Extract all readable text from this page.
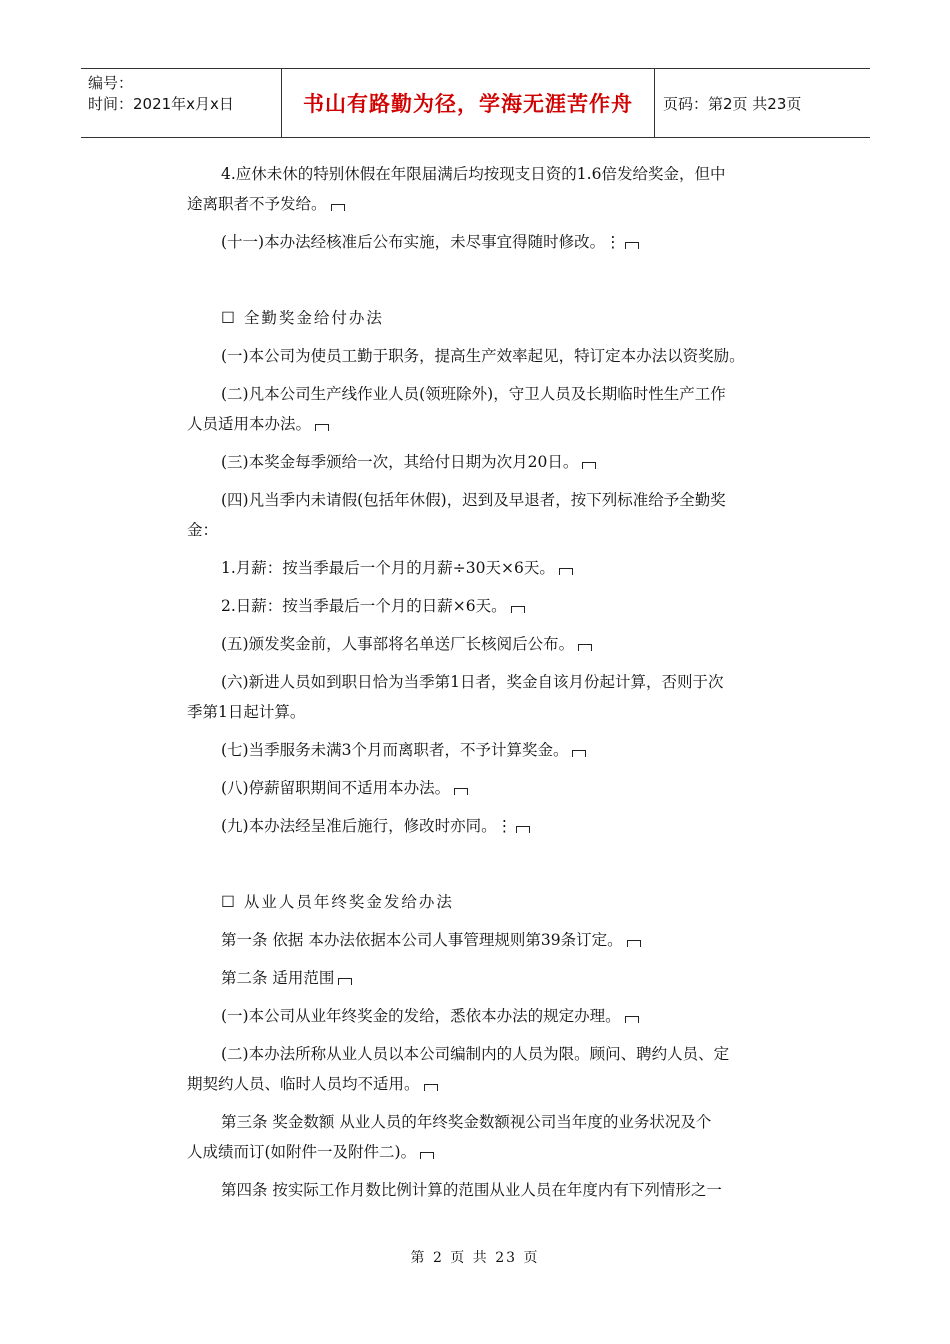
编号：
时间：2021年x月x日	书山有路勤为径，学海无涯苦作舟 页码：第2页 共23页
4.应休未休的特别休假在年限届满后均按现支日资的1.6倍发给奖金，但中
途离职者不予发给。
(十一)本办法经核准后公布实施，未尽事宜得随时修改。⋮
☐ 全勤奖金给付办法
(一)本公司为使员工勤于职务，提高生产效率起见，特订定本办法以资奖励。
(二)凡本公司生产线作业人员(领班除外)，守卫人员及长期临时性生产工作
人员适用本办法。
(三)本奖金每季颁给一次，其给付日期为次月20日。
(四)凡当季内未请假(包括年休假)，迟到及早退者，按下列标准给予全勤奖
金：
1.月薪：按当季最后一个月的月薪÷30天×6天。
2.日薪：按当季最后一个月的日薪×6天。
(五)颁发奖金前，人事部将名单送厂长核阅后公布。
(六)新进人员如到职日恰为当季第1日者，奖金自该月份起计算，否则于次
季第1日起计算。
(七)当季服务未满3个月而离职者，不予计算奖金。
(八)停薪留职期间不适用本办法。
(九)本办法经呈准后施行，修改时亦同。⋮
☐ 从业人员年终奖金发给办法
第一条 依据 本办法依据本公司人事管理规则第39条订定。
第二条 适用范围
(一)本公司从业年终奖金的发给，悉依本办法的规定办理。
(二)本办法所称从业人员以本公司编制内的人员为限。顾问、聘约人员、定
期契约人员、临时人员均不适用。
第三条 奖金数额 从业人员的年终奖金数额视公司当年度的业务状况及个
人成绩而订(如附件一及附件二)。
第四条 按实际工作月数比例计算的范围从业人员在年度内有下列情形之一
第 2 页 共 23 页
